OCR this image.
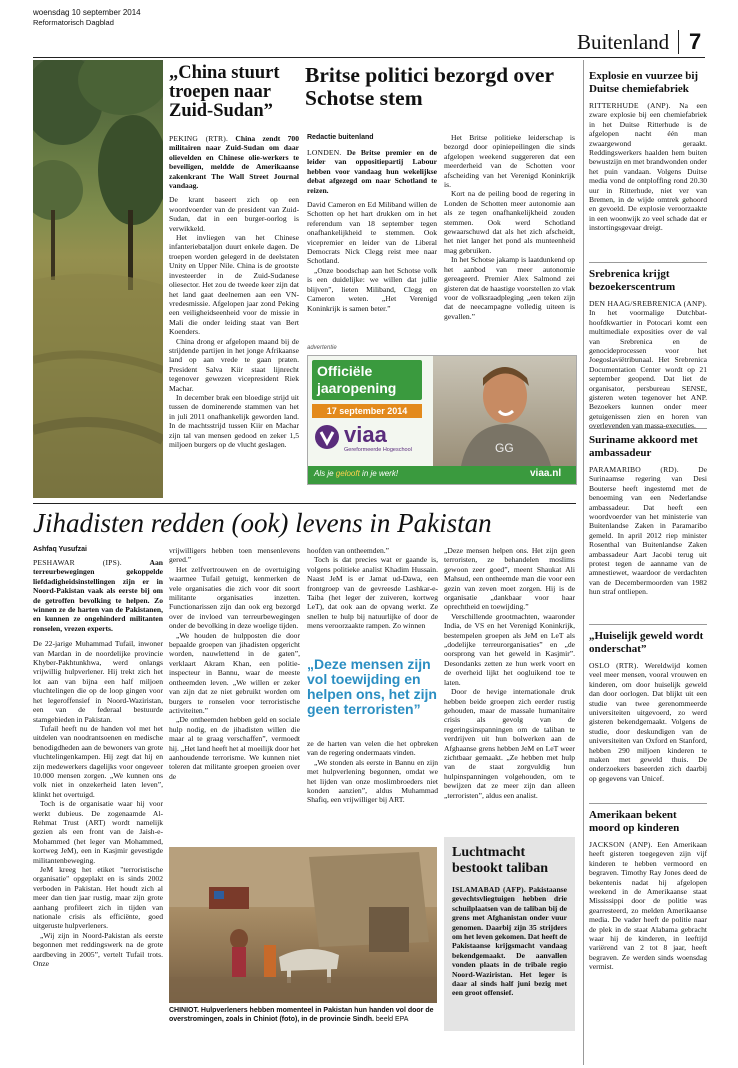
woensdag 10 september 2014
Reformatorisch Dagblad
Buitenland 7
„China stuurt troepen naar Zuid-Sudan”

PEKING (RTR). China zendt 700 militairen naar Zuid-Sudan om daar olievelden en Chinese olie-werkers te beveiligen, meldde de Amerikaanse zakenkrant The Wall Street Journal vandaag.

De krant baseert zich op een woordvoerder van de president van Zuid-Sudan, dat in een burger-oorlog is verwikkeld.

Het invliegen van het Chinese infanteriebataljon duurt enkele dagen. De troepen worden gelegerd in de deelstaten Unity en Upper Nile. China is de grootste investeerder in de Zuid-Sudanese oliesector. Het zou de tweede keer zijn dat het land gaat deelnemen aan een VN-vredesmissie. Afgelopen jaar zond Peking een veiligheidseenheid voor de missie in Mali die onder leiding staat van Bert Koenders.

China drong er afgelopen maand bij de strijdende partijen in het jonge Afrikaanse land op aan vrede te gaan praten. President Salva Kiir staat lijnrecht tegenover gewezen vicepresident Riek Machar.

In december brak een bloedige strijd uit tussen de dominerende stammen van het in juli 2011 onafhankelijk geworden land. In de machtsstrijd tussen Kiir en Machar zijn tal van mensen gedood en zeker 1,5 miljoen burgers op de vlucht geslagen.

Britse politici bezorgd over Schotse stem
Redactie buitenland

LONDEN. De Britse premier en de leider van oppositiepartij Labour hebben voor vandaag hun wekelijkse debat afgezegd om naar Schotland te reizen.

David Cameron en Ed Miliband willen de Schotten op het hart drukken om in het referendum van 18 september tegen onafhankelijkheid te stemmen. Ook vicepremier en leider van de Liberal Democrats Nick Clegg reist mee naar Schotland.

„Onze boodschap aan het Schotse volk is een duidelijke: we willen dat jullie blijven”, lieten Miliband, Clegg en Cameron weten. „Het Verenigd Koninkrijk is samen beter.”

Het Britse politieke leiderschap is bezorgd door opiniepeilingen die sinds afgelopen weekend suggereren dat een meerderheid van de Schotten voor afscheiding van het Verenigd Koninkrijk is.

Kort na de peiling bood de regering in Londen de Schotten meer autonomie aan als ze tegen onafhankelijkheid zouden stemmen. Ook werd Schotland gewaarschuwd dat als het zich afscheidt, het niet langer het pond als munteenheid mag gebruiken.

In het Schotse jakamp is laatdunkend op het aanbod van meer autonomie gereageerd. Premier Alex Salmond zei gisteren dat de haastige voorstellen zo vlak voor de volksraadpleging „een teken zijn dat de neecampagne volledig uiteen is gevallen.”

advertentie
Officiële jaaropening
17 september 2014
viaa
Gereformeerde Hogeschool
Als je gelooft in je werk!	viaa.nl
GG
Explosie en vuurzee bij Duitse chemiefabriek
RITTERHUDE (ANP). Na een zware explosie bij een chemiefabriek in het Duitse Ritterhude is de afgelopen nacht één man zwaargewond geraakt. Reddingswerkers haalden hem buiten bewustzijn en met brandwonden onder het puin vandaan. Volgens Duitse media vond de ontploffing rond 20.30 uur in Ritterhude, niet ver van Bremen, in de wijde omtrek gehoord en gevoeld. De explosie veroorzaakte in een woonwijk zo veel schade dat er instortingsgevaar dreigt.
Srebrenica krijgt bezoekerscentrum
DEN HAAG/SREBRENICA (ANP). In het voormalige Dutchbat-hoofdkwartier in Potocari komt een multimediale exposities over de val van Srebrenica en de genocideprocessen voor het Joegoslaviëtribunaal. Het Srebrenica Documentation Center wordt op 21 september geopend. Dat liet de organisator, persbureau SENSE, gisteren weten tegenover het ANP. Bezoekers kunnen onder meer getuigenissen zien en horen van overlevenden van massa-executies.
Suriname akkoord met ambassadeur
PARAMARIBO (RD).	De Surinaamse regering van Desi Bouterse heeft ingestemd met de benoeming van een Nederlandse ambassadeur. Dat heeft een woordvoerder van het ministerie van Buitenlandse Zaken in Paramaribo gemeld. In april 2012 riep minister Rosenthal van Buitenlandse Zaken ambassadeur Aart Jacobi terug uit protest tegen de aanname van de amnestiewet, waardoor de verdachten van de Decembermoorden van 1982 hun straf ontliepen.
„Huiselijk geweld wordt onderschat”
OSLO (RTR). Wereldwijd komen veel meer mensen, vooral vrouwen en kinderen, om door huiselijk geweld dan door oorlogen. Dat blijkt uit een studie van twee gerenommeerde universiteiten uitgevoerd, zo werd gisteren bekendgemaakt. Volgens de studie, door deskundigen van de universiteiten van Oxford en Stanford, hebben 290 miljoen kinderen te maken met geweld thuis. De onderzoekers baseerden zich daarbij op gegevens van Unicef.
Amerikaan bekent moord op kinderen
JACKSON (ANP). Een Amerikaan heeft gisteren toegegeven zijn vijf kinderen te hebben vermoord en begraven. Timothy Ray Jones deed de bekentenis nadat hij afgelopen weekend in de Amerikaanse staat Mississippi door de politie was gearresteerd, zo melden Amerikaanse media. De vader heeft de politie naar de plek in de staat Alabama gebracht waar hij de kinderen, in leeftijd variërend van 2 tot 8 jaar, heeft begraven. Ze werden sinds woensdag vermist.
Jihadisten redden (ook) levens in Pakistan
Ashfaq Yusufzai

PESHAWAR (IPS).	Aan terreurbewegingen gekoppelde liefdadigheidsinstellingen zijn er in Noord-Pakistan vaak als eerste bij om de getroffen bevolking te helpen. Zo winnen ze de harten van de Pakistanen, en kunnen ze ongehinderd militanten ronselen, vrezen experts.

De 22-jarige Muhammad Tufail, inwoner van Mardan in de noordelijke provincie Khyber-Pakhtunkhwa, werd onlangs vrijwillig hulpverlener. Hij trekt zich het lot aan van bijna een half miljoen vluchtelingen die op de loop gingen voor het legeroffensief in Noord-Waziristan, een van de federaal bestuurde stamgebieden in Pakistan.

Tufail heeft nu de handen vol met het uitdelen van noodrantsoenen en medische benodigdheden aan de bewoners van grote vluchtelingenkampen. Hij zegt dat hij en zijn medewerkers dagelijks voor ongeveer 10.000 mensen zorgen. „We kunnen ons volk niet in onzekerheid laten leven”, klinkt het overtuigd.

Toch is de organisatie waar hij voor werkt dubieus. De zogenaamde Al-Rehmat Trust (ART) wordt namelijk gezien als een front van de Jaish-e-Mohammed (het leger van Mohammed, kortweg JeM), een in Kasjmir gevestigde militantenbeweging.

JeM kreeg het etiket "terroristische organisatie" opgeplakt en is sinds 2002 verboden in Pakistan. Het houdt zich al meer dan tien jaar rustig, maar zijn grote aanhang profileert zich in tijden van nationale crisis als efficiënte, goed uitgeruste hulpverleners.

„Wij zijn in Noord-Pakistan als eerste begonnen met reddingswerk na de grote aardbeving in 2005”, vertelt Tufail trots. Onze

vrijwilligers hebben toen mensenlevens gered.”

Het zelfvertrouwen en de overtuiging waarmee Tufail getuigt, kenmerken de vele organisaties die zich voor dit soort militante organisaties inzetten. Functionarissen zijn dan ook erg bezorgd over de invloed van terreurbewegingen onder de bevolking in deze woelige tijden.

„We houden de hulpposten die door bepaalde groepen van jihadisten opgericht worden, nauwlettend in de gaten”, verklaart Akram Khan, een politie-inspecteur in Bannu, waar de meeste ontheemden leven. „We willen er zeker van zijn dat ze niet gebruikt worden om burgers te ronselen voor terroristische activiteiten.”

„De ontheemden hebben geld en sociale hulp nodig, en de jihadisten willen die maar al te graag verschaffen”, vermoedt hij. „Het land heeft het al moeilijk door het aanhoudende terrorisme. We kunnen niet toleren dat militante groepen groeien over de

hoofden van ontheemden.”

Toch is dat precies wat er gaande is, volgens politieke analist Khadim Hussain. Naast JeM is er Jamat ud-Dawa, een frontgroep van de gevreesde Lashkar-e-Taiba (het leger der zuiveren, kortweg LeT), dat ook aan de opvang werkt. Ze snellen te hulp bij natuurlijke of door de mens veroorzaakte rampen. Zo winnen

„Deze mensen zijn vol toewijding en helpen ons, het zijn geen terroristen”

ze de harten van velen die het opbreken van de regering ondermaats vinden.

„We stonden als eerste in Bannu en zijn met hulpverlening begonnen, omdat we het lijden van onze moslimbroeders niet konden aanzien”, aldus Muhammad Shafiq, een vrijwilliger bij ART.

„Deze mensen helpen ons. Het zijn geen terroristen, ze behandelen moslims gewoon zeer goed”, meent Shaukat Ali Mahsud, een ontheemde man die voor een gezin van zeven moet zorgen. Hij is de organisatie „dankbaar voor haar oprechtheid en toewijding.”

Verschillende grootmachten, waaronder India, de VS en het Verenigd Koninkrijk, bestempelen groepen als JeM en LeT als „dodelijke terreurorganisaties” en „de oorsprong van het geweld in Kasjmir”. Desondanks zetten ze hun werk voort en de overheid lijkt het oogluikend toe te laten.

Door de hevige internationale druk hebben beide groepen zich eerder rustig gehouden, maar de massale humanitaire crisis als gevolg van de regeringsinspanningen om de taliban te verdrijven uit hun bolwerken aan de Afghaanse grens hebben JeM en LeT weer zichtbaar gemaakt. „Ze hebben met hulp van de staat zorgvuldig hun hulpinspanningen volgehouden, om te bewijzen dat ze meer zijn dan alleen „terroristen”, aldus een analist.

CHINIOT. Hulpverleners hebben momenteel in Pakistan hun handen vol door de overstromingen, zoals in Chiniot (foto), in de provincie Sindh. beeld EPA
Luchtmacht bestookt taliban
ISLAMABAD (AFP). Pakistaanse gevechtsvliegtuigen hebben drie schuilplaatsen van de taliban bij de grens met Afghanistan onder vuur genomen. Daarbij zijn 35 strijders om het leven gekomen. Dat heeft de Pakistaanse krijgsmacht vandaag bekendgemaakt. De aanvallen vonden plaats in de tribale regio Noord-Waziristan. Het leger is daar al sinds half juni bezig met een groot offensief.
